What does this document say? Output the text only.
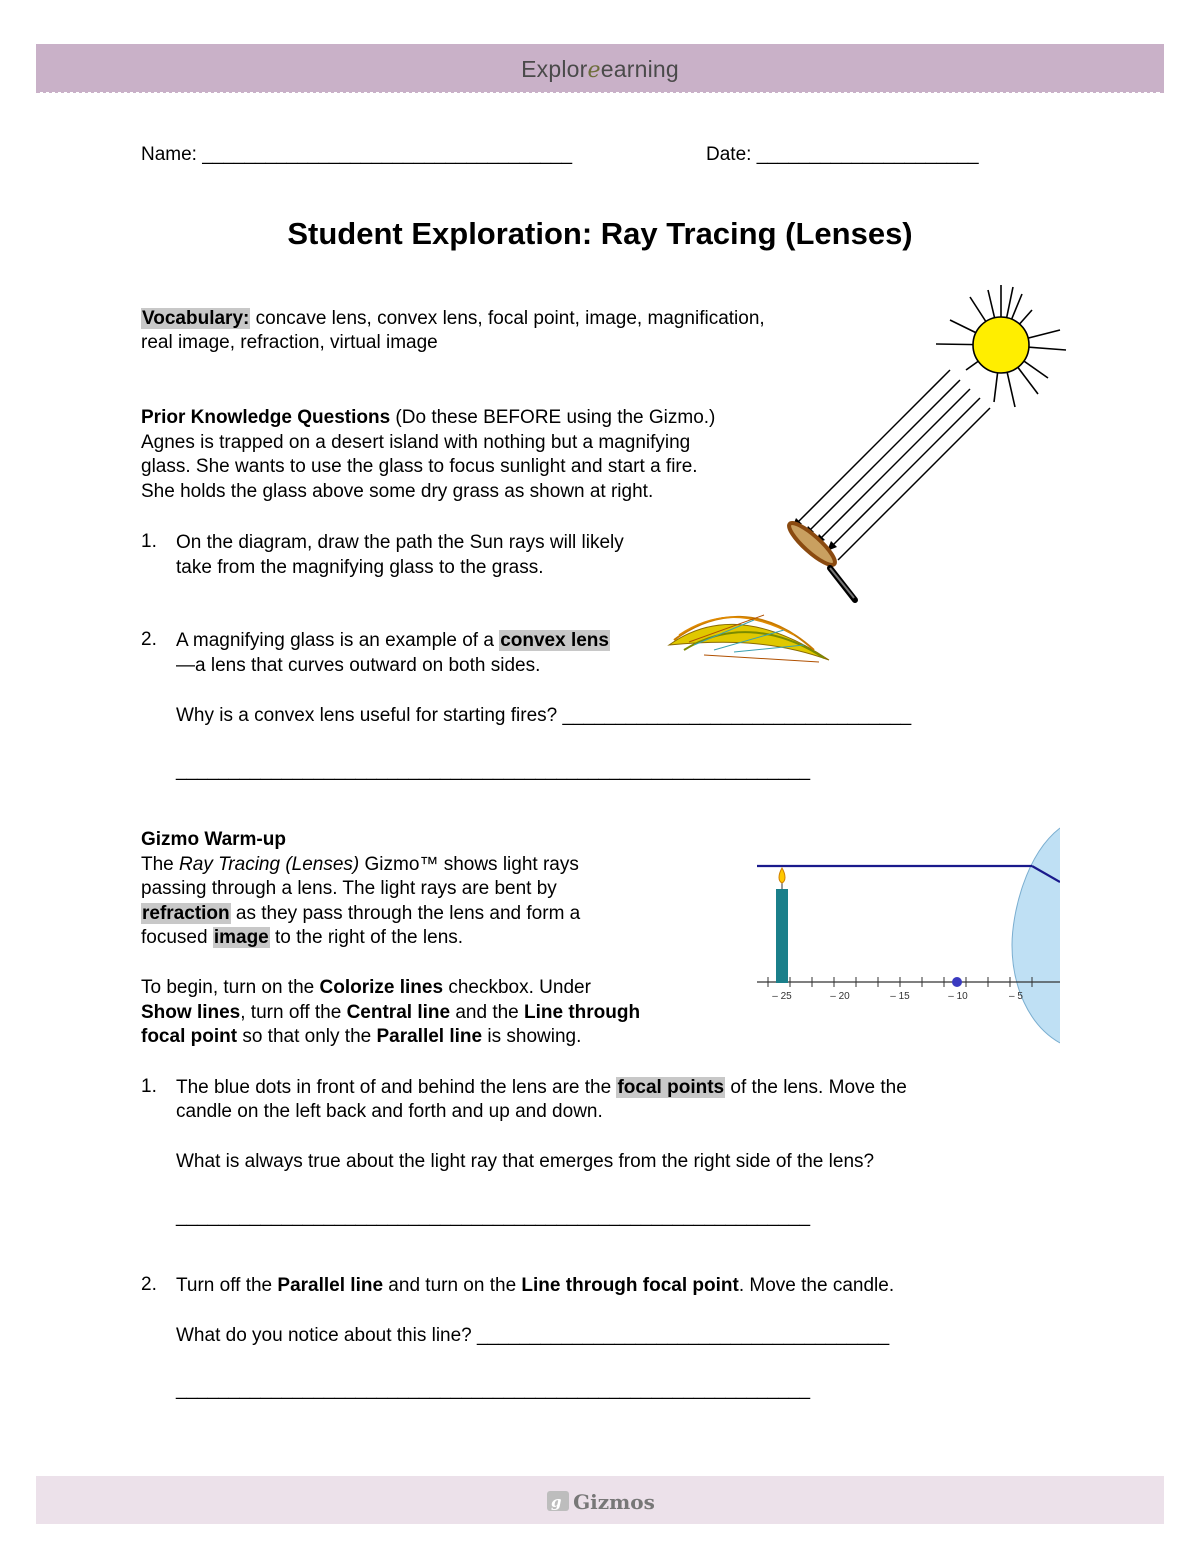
Exploreearning
Name: ___________________________________	Date: _____________________
Student Exploration: Ray Tracing (Lenses)
Vocabulary: concave lens, convex lens, focal point, image, magnification,
real image, refraction, virtual image
Prior Knowledge Questions (Do these BEFORE using the Gizmo.)
Agnes is trapped on a desert island with nothing but a magnifying
glass. She wants to use the glass to focus sunlight and start a fire.
She holds the glass above some dry grass as shown at right.
1. On the diagram, draw the path the Sun rays will likely
take from the magnifying glass to the grass.
2. A magnifying glass is an example of a convex lens
—a lens that curves outward on both sides.
Why is a convex lens useful for starting fires? _________________________________
____________________________________________________________
Gizmo Warm-up
The Ray Tracing (Lenses) Gizmo™ shows light rays
passing through a lens. The light rays are bent by
refraction as they pass through the lens and form a
focused image to the right of the lens.
To begin, turn on the Colorize lines checkbox. Under
Show lines, turn off the Central line and the Line through
focal point so that only the Parallel line is showing.
– 25	– 20	– 15	– 10	– 5
1. The blue dots in front of and behind the lens are the focal points of the lens. Move the
candle on the left back and forth and up and down.
What is always true about the light ray that emerges from the right side of the lens?
____________________________________________________________
2. Turn off the Parallel line and turn on the Line through focal point. Move the candle.
What do you notice about this line? _______________________________________
____________________________________________________________
g Gizmos
